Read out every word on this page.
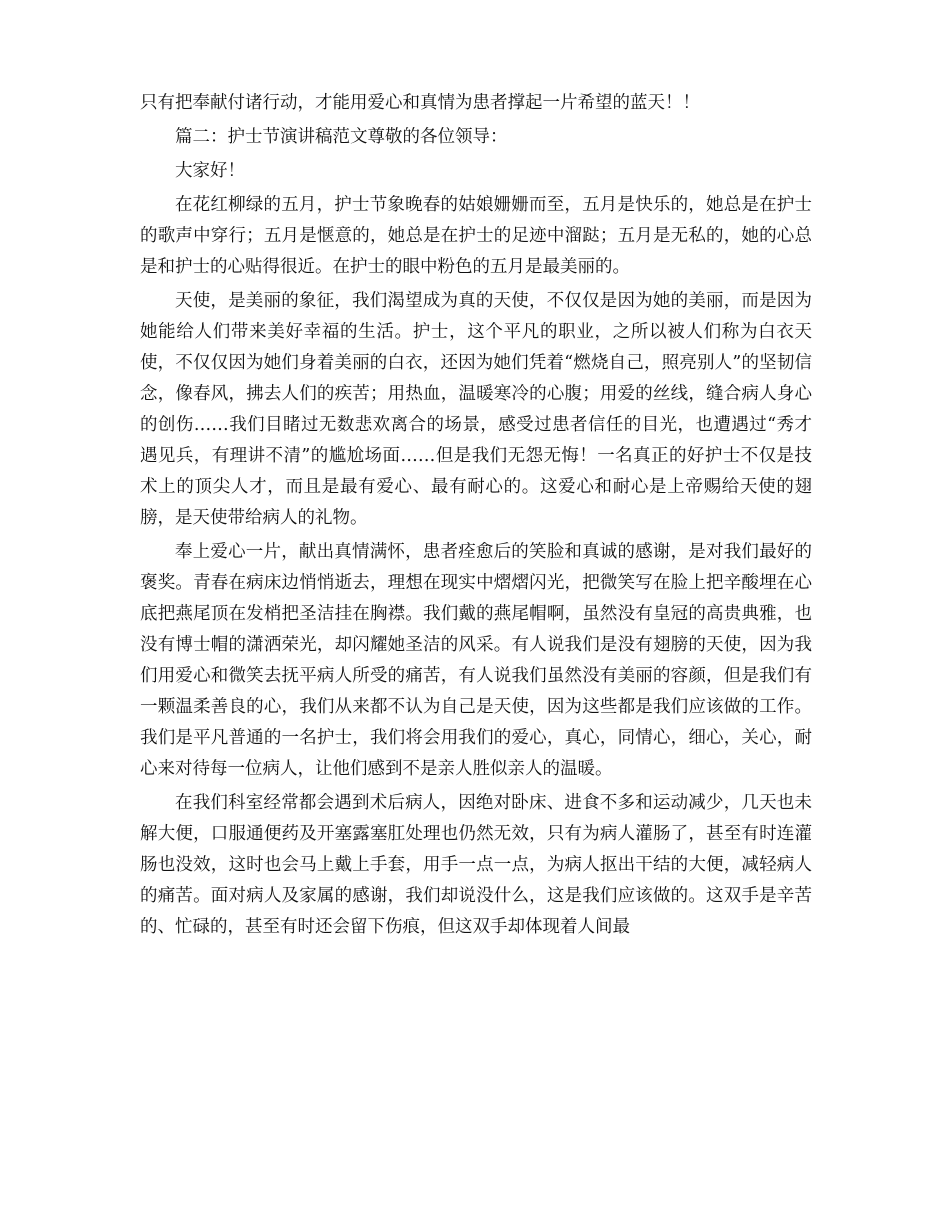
只有把奉献付诸行动，才能用爱心和真情为患者撑起一片希望的蓝天！！

篇二：护士节演讲稿范文尊敬的各位领导：

大家好！

在花红柳绿的五月，护士节象晚春的姑娘姗姗而至，五月是快乐的，她总是在护士的歌声中穿行；五月是惬意的，她总是在护士的足迹中溜跶；五月是无私的，她的心总是和护士的心贴得很近。在护士的眼中粉色的五月是最美丽的。

天使，是美丽的象征，我们渴望成为真的天使，不仅仅是因为她的美丽，而是因为她能给人们带来美好幸福的生活。护士，这个平凡的职业，之所以被人们称为白衣天使，不仅仅因为她们身着美丽的白衣，还因为她们凭着“燃烧自己，照亮别人”的坚韧信念，像春风，拂去人们的疾苦；用热血，温暖寒冷的心腹；用爱的丝线，缝合病人身心的创伤……我们目睹过无数悲欢离合的场景，感受过患者信任的目光，也遭遇过“秀才遇见兵，有理讲不清”的尴尬场面……但是我们无怨无悔！一名真正的好护士不仅是技术上的顶尖人才，而且是最有爱心、最有耐心的。这爱心和耐心是上帝赐给天使的翅膀，是天使带给病人的礼物。

奉上爱心一片，献出真情满怀，患者痊愈后的笑脸和真诚的感谢，是对我们最好的褒奖。青春在病床边悄悄逝去，理想在现实中熠熠闪光，把微笑写在脸上把辛酸埋在心底把燕尾顶在发梢把圣洁挂在胸襟。我们戴的燕尾帽啊，虽然没有皇冠的高贵典雅，也没有博士帽的潇洒荣光，却闪耀她圣洁的风采。有人说我们是没有翅膀的天使，因为我们用爱心和微笑去抚平病人所受的痛苦，有人说我们虽然没有美丽的容颜，但是我们有一颗温柔善良的心，我们从来都不认为自己是天使，因为这些都是我们应该做的工作。我们是平凡普通的一名护士，我们将会用我们的爱心，真心，同情心，细心，关心，耐心来对待每一位病人，让他们感到不是亲人胜似亲人的温暖。

在我们科室经常都会遇到术后病人，因绝对卧床、进食不多和运动减少，几天也未解大便，口服通便药及开塞露塞肛处理也仍然无效，只有为病人灌肠了，甚至有时连灌肠也没效，这时也会马上戴上手套，用手一点一点，为病人抠出干结的大便，减轻病人的痛苦。面对病人及家属的感谢，我们却说没什么，这是我们应该做的。这双手是辛苦的、忙碌的，甚至有时还会留下伤痕，但这双手却体现着人间最
